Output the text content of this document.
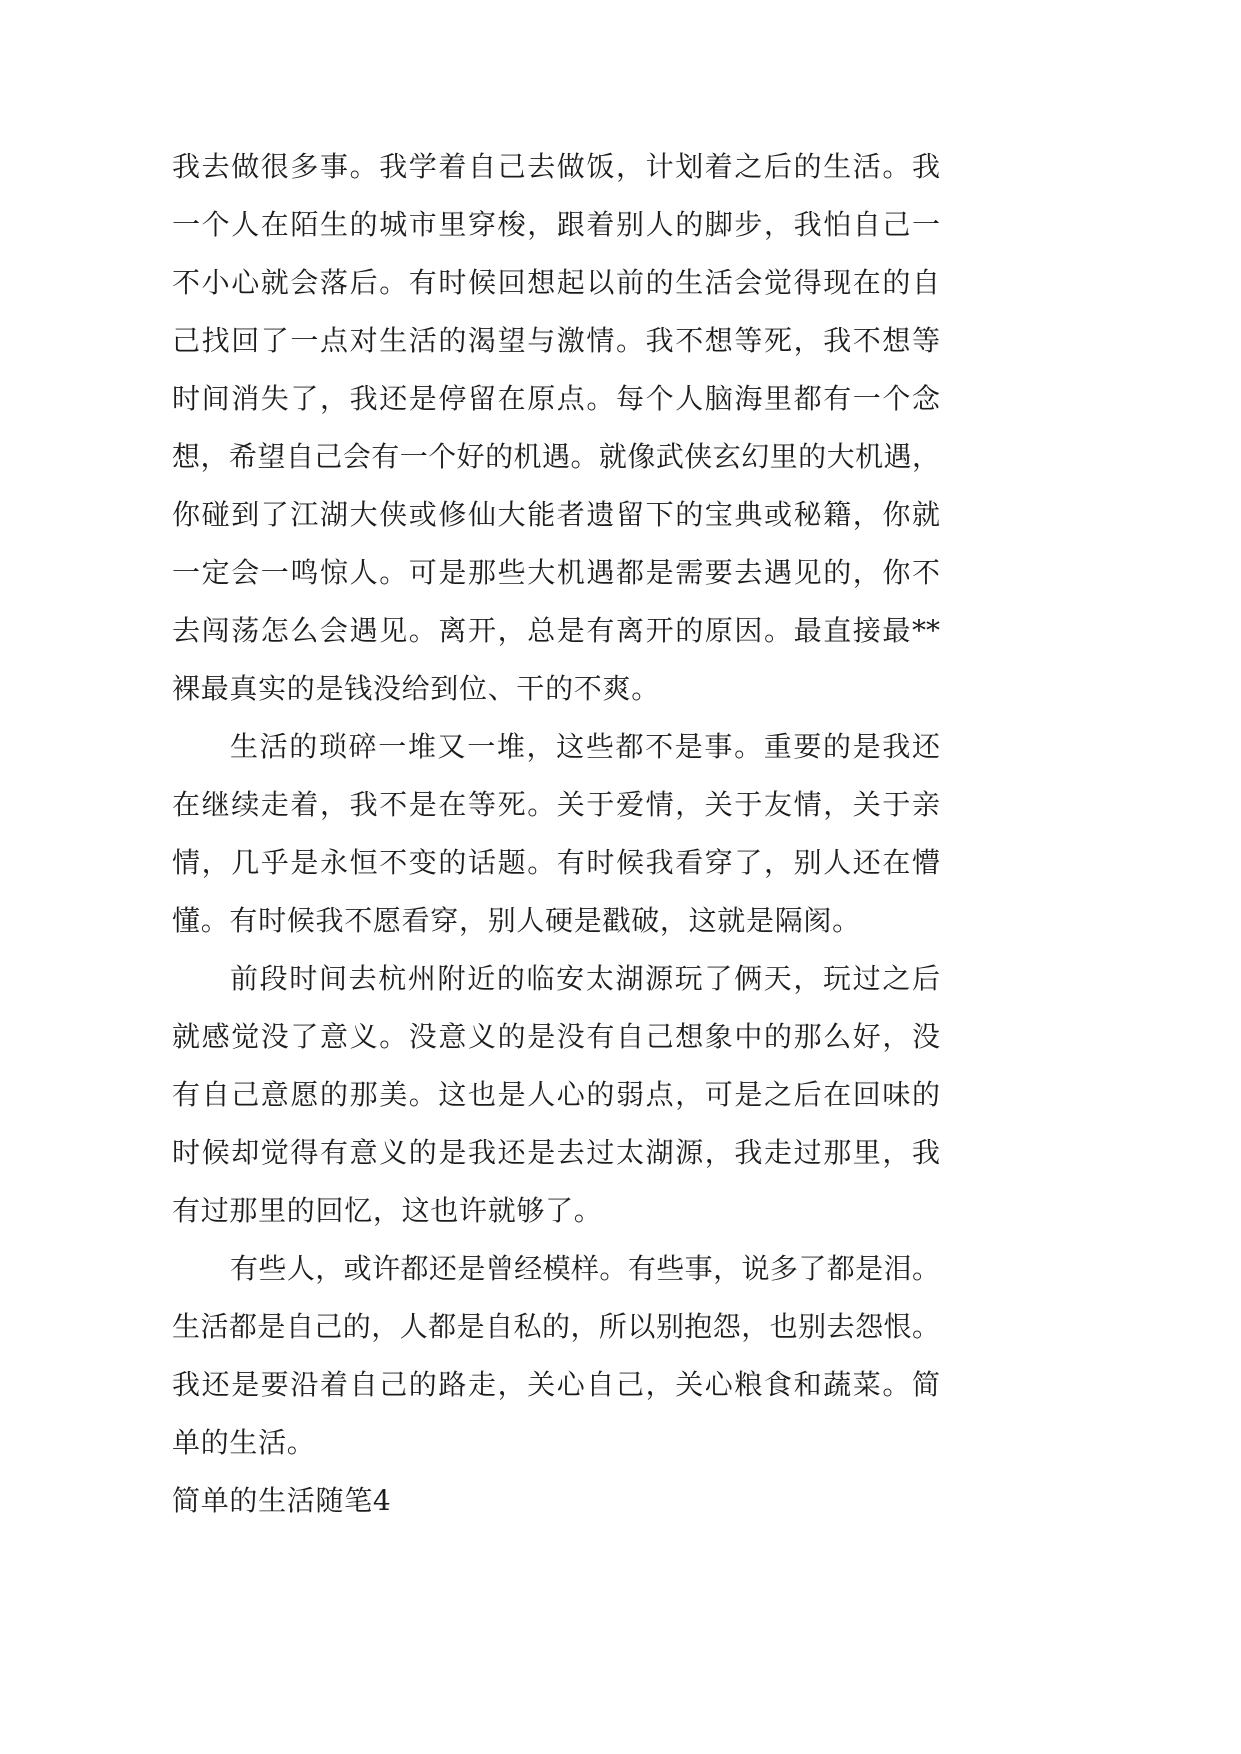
我去做很多事。我学着自己去做饭，计划着之后的生活。我
一个人在陌生的城市里穿梭，跟着别人的脚步，我怕自己一
不小心就会落后。有时候回想起以前的生活会觉得现在的自
己找回了一点对生活的渴望与激情。我不想等死，我不想等
时间消失了，我还是停留在原点。每个人脑海里都有一个念
想，希望自己会有一个好的机遇。就像武侠玄幻里的大机遇，
你碰到了江湖大侠或修仙大能者遗留下的宝典或秘籍，你就
一定会一鸣惊人。可是那些大机遇都是需要去遇见的，你不
去闯荡怎么会遇见。离开，总是有离开的原因。最直接最**
裸最真实的是钱没给到位、干的不爽。
生活的琐碎一堆又一堆，这些都不是事。重要的是我还
在继续走着，我不是在等死。关于爱情，关于友情，关于亲
情，几乎是永恒不变的话题。有时候我看穿了，别人还在懵
懂。有时候我不愿看穿，别人硬是戳破，这就是隔阂。
前段时间去杭州附近的临安太湖源玩了俩天，玩过之后
就感觉没了意义。没意义的是没有自己想象中的那么好，没
有自己意愿的那美。这也是人心的弱点，可是之后在回味的
时候却觉得有意义的是我还是去过太湖源，我走过那里，我
有过那里的回忆，这也许就够了。
有些人，或许都还是曾经模样。有些事，说多了都是泪。
生活都是自己的，人都是自私的，所以别抱怨，也别去怨恨。
我还是要沿着自己的路走，关心自己，关心粮食和蔬菜。简
单的生活。
简单的生活随笔4
